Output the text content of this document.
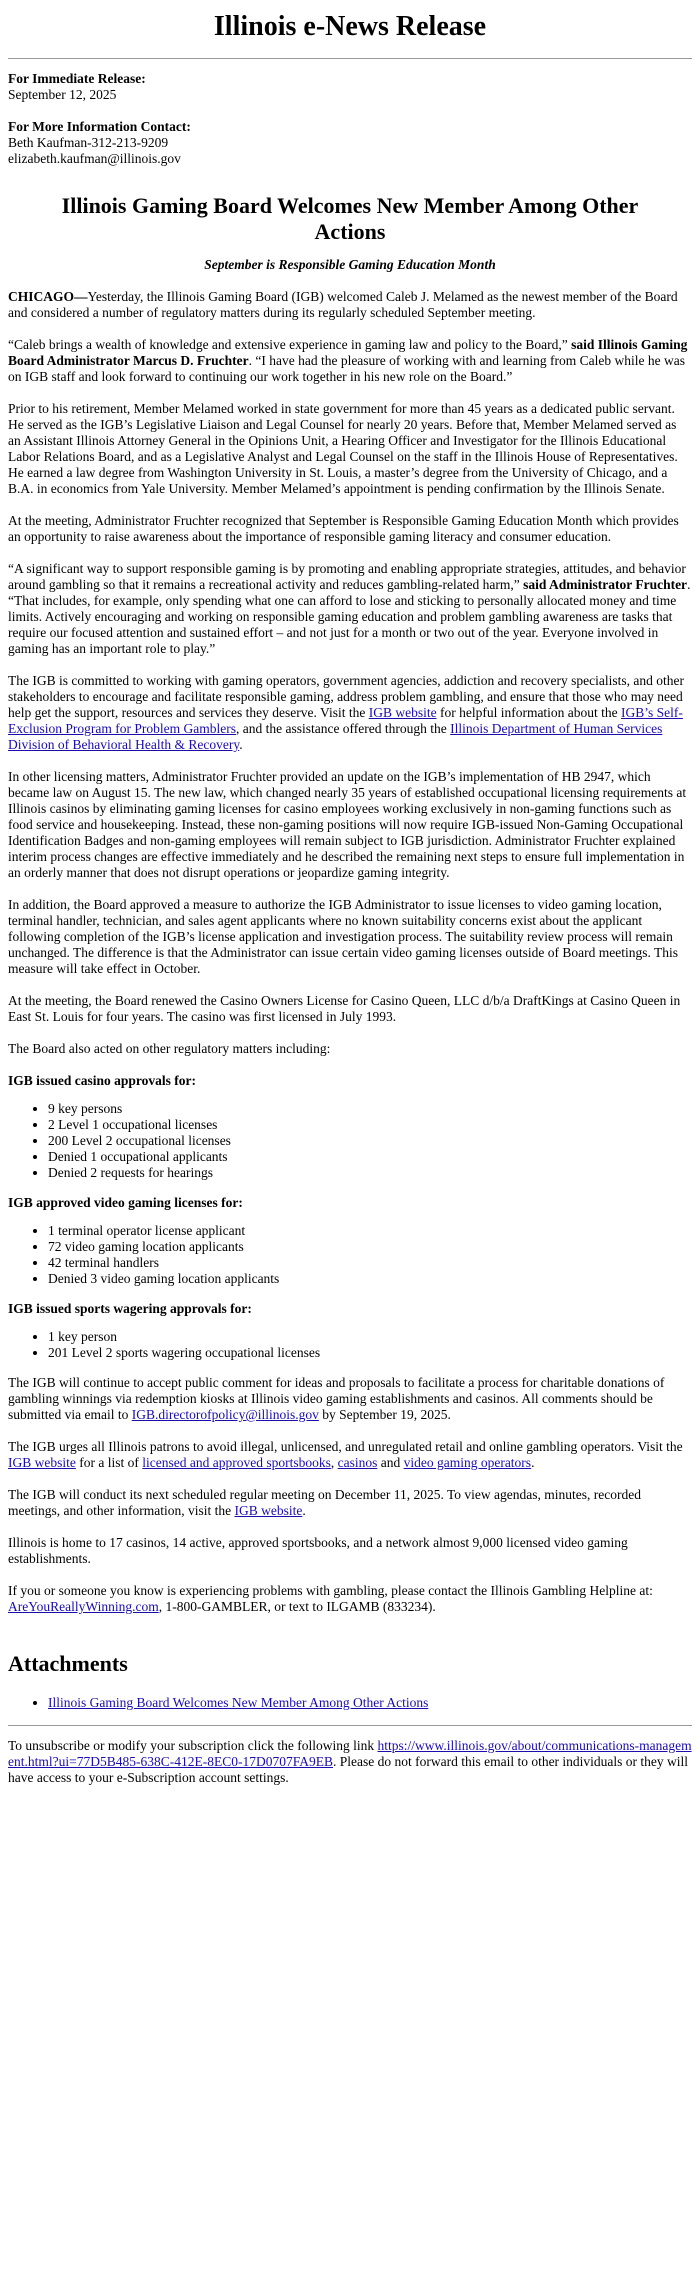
Illinois e-News Release

For Immediate Release:

September 12, 2025

For More Information Contact:

Beth Kaufman-312-213-9209

elizabeth.kaufman@illinois.gov

Illinois Gaming Board Welcomes New Member Among Other Actions
September is Responsible Gaming Education Month

CHICAGO—Yesterday, the Illinois Gaming Board (IGB) welcomed Caleb J. Melamed as the newest member of the Board and considered a number of regulatory matters during its regularly scheduled September meeting.

“Caleb brings a wealth of knowledge and extensive experience in gaming law and policy to the Board,” said Illinois Gaming Board Administrator Marcus D. Fruchter. “I have had the pleasure of working with and learning from Caleb while he was on IGB staff and look forward to continuing our work together in his new role on the Board.”

Prior to his retirement, Member Melamed worked in state government for more than 45 years as a dedicated public servant. He served as the IGB’s Legislative Liaison and Legal Counsel for nearly 20 years. Before that, Member Melamed served as an Assistant Illinois Attorney General in the Opinions Unit, a Hearing Officer and Investigator for the Illinois Educational Labor Relations Board, and as a Legislative Analyst and Legal Counsel on the staff in the Illinois House of Representatives. He earned a law degree from Washington University in St. Louis, a master’s degree from the University of Chicago, and a B.A. in economics from Yale University. Member Melamed’s appointment is pending confirmation by the Illinois Senate.

At the meeting, Administrator Fruchter recognized that September is Responsible Gaming Education Month which provides an opportunity to raise awareness about the importance of responsible gaming literacy and consumer education.

“A significant way to support responsible gaming is by promoting and enabling appropriate strategies, attitudes, and behavior around gambling so that it remains a recreational activity and reduces gambling-related harm,” said Administrator Fruchter. “That includes, for example, only spending what one can afford to lose and sticking to personally allocated money and time limits. Actively encouraging and working on responsible gaming education and problem gambling awareness are tasks that require our focused attention and sustained effort – and not just for a month or two out of the year. Everyone involved in gaming has an important role to play.”

The IGB is committed to working with gaming operators, government agencies, addiction and recovery specialists, and other stakeholders to encourage and facilitate responsible gaming, address problem gambling, and ensure that those who may need help get the support, resources and services they deserve. Visit the IGB website for helpful information about the IGB’s Self-Exclusion Program for Problem Gamblers, and the assistance offered through the Illinois Department of Human Services Division of Behavioral Health & Recovery.

In other licensing matters, Administrator Fruchter provided an update on the IGB’s implementation of HB 2947, which became law on August 15. The new law, which changed nearly 35 years of established occupational licensing requirements at Illinois casinos by eliminating gaming licenses for casino employees working exclusively in non-gaming functions such as food service and housekeeping. Instead, these non-gaming positions will now require IGB-issued Non-Gaming Occupational Identification Badges and non-gaming employees will remain subject to IGB jurisdiction. Administrator Fruchter explained interim process changes are effective immediately and he described the remaining next steps to ensure full implementation in an orderly manner that does not disrupt operations or jeopardize gaming integrity.

In addition, the Board approved a measure to authorize the IGB Administrator to issue licenses to video gaming location, terminal handler, technician, and sales agent applicants where no known suitability concerns exist about the applicant following completion of the IGB’s license application and investigation process. The suitability review process will remain unchanged. The difference is that the Administrator can issue certain video gaming licenses outside of Board meetings. This measure will take effect in October.

At the meeting, the Board renewed the Casino Owners License for Casino Queen, LLC d/b/a DraftKings at Casino Queen in East St. Louis for four years. The casino was first licensed in July 1993.

The Board also acted on other regulatory matters including:

IGB issued casino approvals for:
• 9 key persons
• 2 Level 1 occupational licenses
• 200 Level 2 occupational licenses
• Denied 1 occupational applicants
• Denied 2 requests for hearings
IGB approved video gaming licenses for:
• 1 terminal operator license applicant
• 72 video gaming location applicants
• 42 terminal handlers
• Denied 3 video gaming location applicants
IGB issued sports wagering approvals for:
• 1 key person
• 201 Level 2 sports wagering occupational licenses

The IGB will continue to accept public comment for ideas and proposals to facilitate a process for charitable donations of gambling winnings via redemption kiosks at Illinois video gaming establishments and casinos. All comments should be submitted via email to IGB.directorofpolicy@illinois.gov by September 19, 2025.

The IGB urges all Illinois patrons to avoid illegal, unlicensed, and unregulated retail and online gambling operators. Visit the IGB website for a list of licensed and approved sportsbooks, casinos and video gaming operators.

The IGB will conduct its next scheduled regular meeting on December 11, 2025. To view agendas, minutes, recorded meetings, and other information, visit the IGB website.

Illinois is home to 17 casinos, 14 active, approved sportsbooks, and a network almost 9,000 licensed video gaming establishments.

If you or someone you know is experiencing problems with gambling, please contact the Illinois Gambling Helpline at: AreYouReallyWinning.com, 1-800-GAMBLER, or text to ILGAMB (833234).

Attachments
• Illinois Gaming Board Welcomes New Member Among Other Actions

To unsubscribe or modify your subscription click the following link https://www.illinois.gov/about/communications-management.html?ui=77D5B485-638C-412E-8EC0-17D0707FA9EB. Please do not forward this email to other individuals or they will have access to your e-Subscription account settings.
